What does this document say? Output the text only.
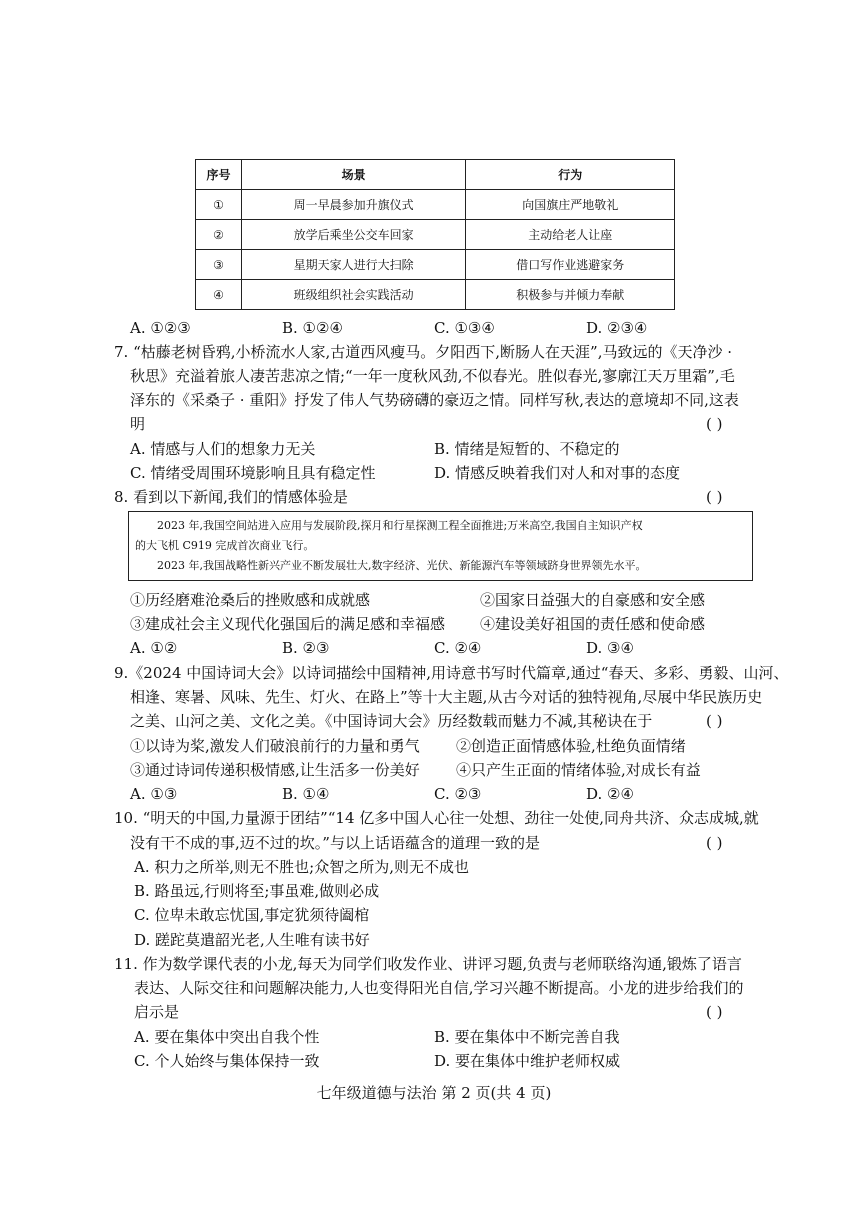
序号	场景	行为
①	周一早晨参加升旗仪式	向国旗庄严地敬礼
②	放学后乘坐公交车回家	主动给老人让座
③	星期天家人进行大扫除	借口写作业逃避家务
④	班级组织社会实践活动	积极参与并倾力奉献
A. ①②③	B. ①②④	C. ①③④	D. ②③④
7. “枯藤老树昏鸦,小桥流水人家,古道西风瘦马。夕阳西下,断肠人在天涯”,马致远的《天净沙 ·
秋思》充溢着旅人凄苦悲凉之情;“一年一度秋风劲,不似春光。胜似春光,寥廓江天万里霜”,毛
泽东的《采桑子 · 重阳》抒发了伟人气势磅礴的豪迈之情。同样写秋,表达的意境却不同,这表
明	( )
A. 情感与人们的想象力无关	B. 情绪是短暂的、不稳定的
C. 情绪受周围环境影响且具有稳定性	D. 情感反映着我们对人和对事的态度
8. 看到以下新闻,我们的情感体验是	( )
2023 年,我国空间站进入应用与发展阶段,探月和行星探测工程全面推进;万米高空,我国自主知识产权
的大飞机 C919 完成首次商业飞行。
2023 年,我国战略性新兴产业不断发展壮大,数字经济、光伏、新能源汽车等领域跻身世界领先水平。
①历经磨难沧桑后的挫败感和成就感	②国家日益强大的自豪感和安全感
③建成社会主义现代化强国后的满足感和幸福感 ④建设美好祖国的责任感和使命感
A. ①②	B. ②③	C. ②④	D. ③④
9.《2024 中国诗词大会》以诗词描绘中国精神,用诗意书写时代篇章,通过“春天、多彩、勇毅、山河、
相逢、寒暑、风味、先生、灯火、在路上”等十大主题,从古今对话的独特视角,尽展中华民族历史
之美、山河之美、文化之美。《中国诗词大会》历经数载而魅力不减,其秘诀在于	( )
①以诗为桨,激发人们破浪前行的力量和勇气 ②创造正面情感体验,杜绝负面情绪
③通过诗词传递积极情感,让生活多一份美好 ④只产生正面的情绪体验,对成长有益
A. ①③	B. ①④	C. ②③	D. ②④
10. “明天的中国,力量源于团结”“14 亿多中国人心往一处想、劲往一处使,同舟共济、众志成城,就
没有干不成的事,迈不过的坎。”与以上话语蕴含的道理一致的是	( )
A. 积力之所举,则无不胜也;众智之所为,则无不成也
B. 路虽远,行则将至;事虽难,做则必成
C. 位卑未敢忘忧国,事定犹须待阖棺
D. 蹉跎莫遣韶光老,人生唯有读书好
11. 作为数学课代表的小龙,每天为同学们收发作业、讲评习题,负责与老师联络沟通,锻炼了语言
表达、人际交往和问题解决能力,人也变得阳光自信,学习兴趣不断提高。小龙的进步给我们的
启示是	( )
A. 要在集体中突出自我个性	B. 要在集体中不断完善自我
C. 个人始终与集体保持一致	D. 要在集体中维护老师权威
七年级道德与法治 第 2 页(共 4 页)
